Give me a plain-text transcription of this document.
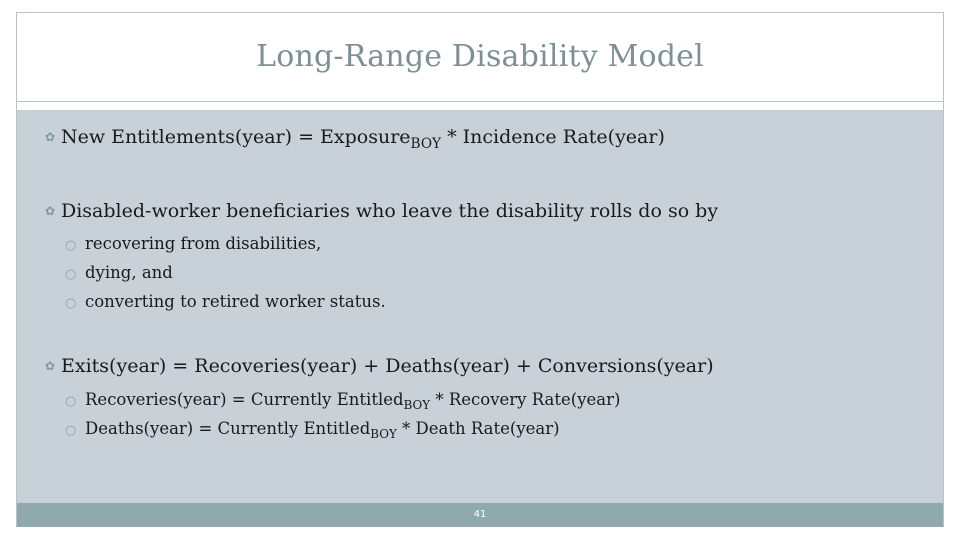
Long-Range Disability Model
✿ New Entitlements(year) = Exposure$_{BOY}$ * Incidence Rate(year)
✿ Disabled-worker beneficiaries who leave the disability rolls do so by
○ recovering from disabilities,
○ dying, and
○ converting to retired worker status.
✿ Exits(year) = Recoveries(year) + Deaths(year) + Conversions(year)
○ Recoveries(year) = Currently Entitled$_{BOY}$ * Recovery Rate(year)
○ Deaths(year) = Currently Entitled$_{BOY}$ * Death Rate(year)
41
